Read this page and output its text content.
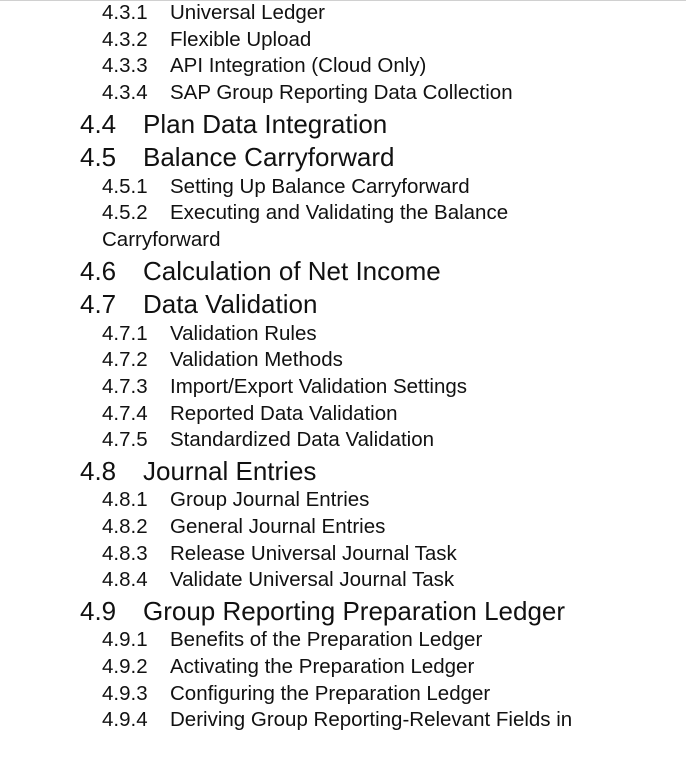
4.3.1 Universal Ledger
4.3.2 Flexible Upload
4.3.3 API Integration (Cloud Only)
4.3.4 SAP Group Reporting Data Collection
4.4 Plan Data Integration
4.5 Balance Carryforward
4.5.1 Setting Up Balance Carryforward
4.5.2 Executing and Validating the Balance
Carryforward
4.6 Calculation of Net Income
4.7 Data Validation
4.7.1 Validation Rules
4.7.2 Validation Methods
4.7.3 Import/Export Validation Settings
4.7.4 Reported Data Validation
4.7.5 Standardized Data Validation
4.8 Journal Entries
4.8.1 Group Journal Entries
4.8.2 General Journal Entries
4.8.3 Release Universal Journal Task
4.8.4 Validate Universal Journal Task
4.9 Group Reporting Preparation Ledger
4.9.1 Benefits of the Preparation Ledger
4.9.2 Activating the Preparation Ledger
4.9.3 Configuring the Preparation Ledger
4.9.4 Deriving Group Reporting-Relevant Fields in
